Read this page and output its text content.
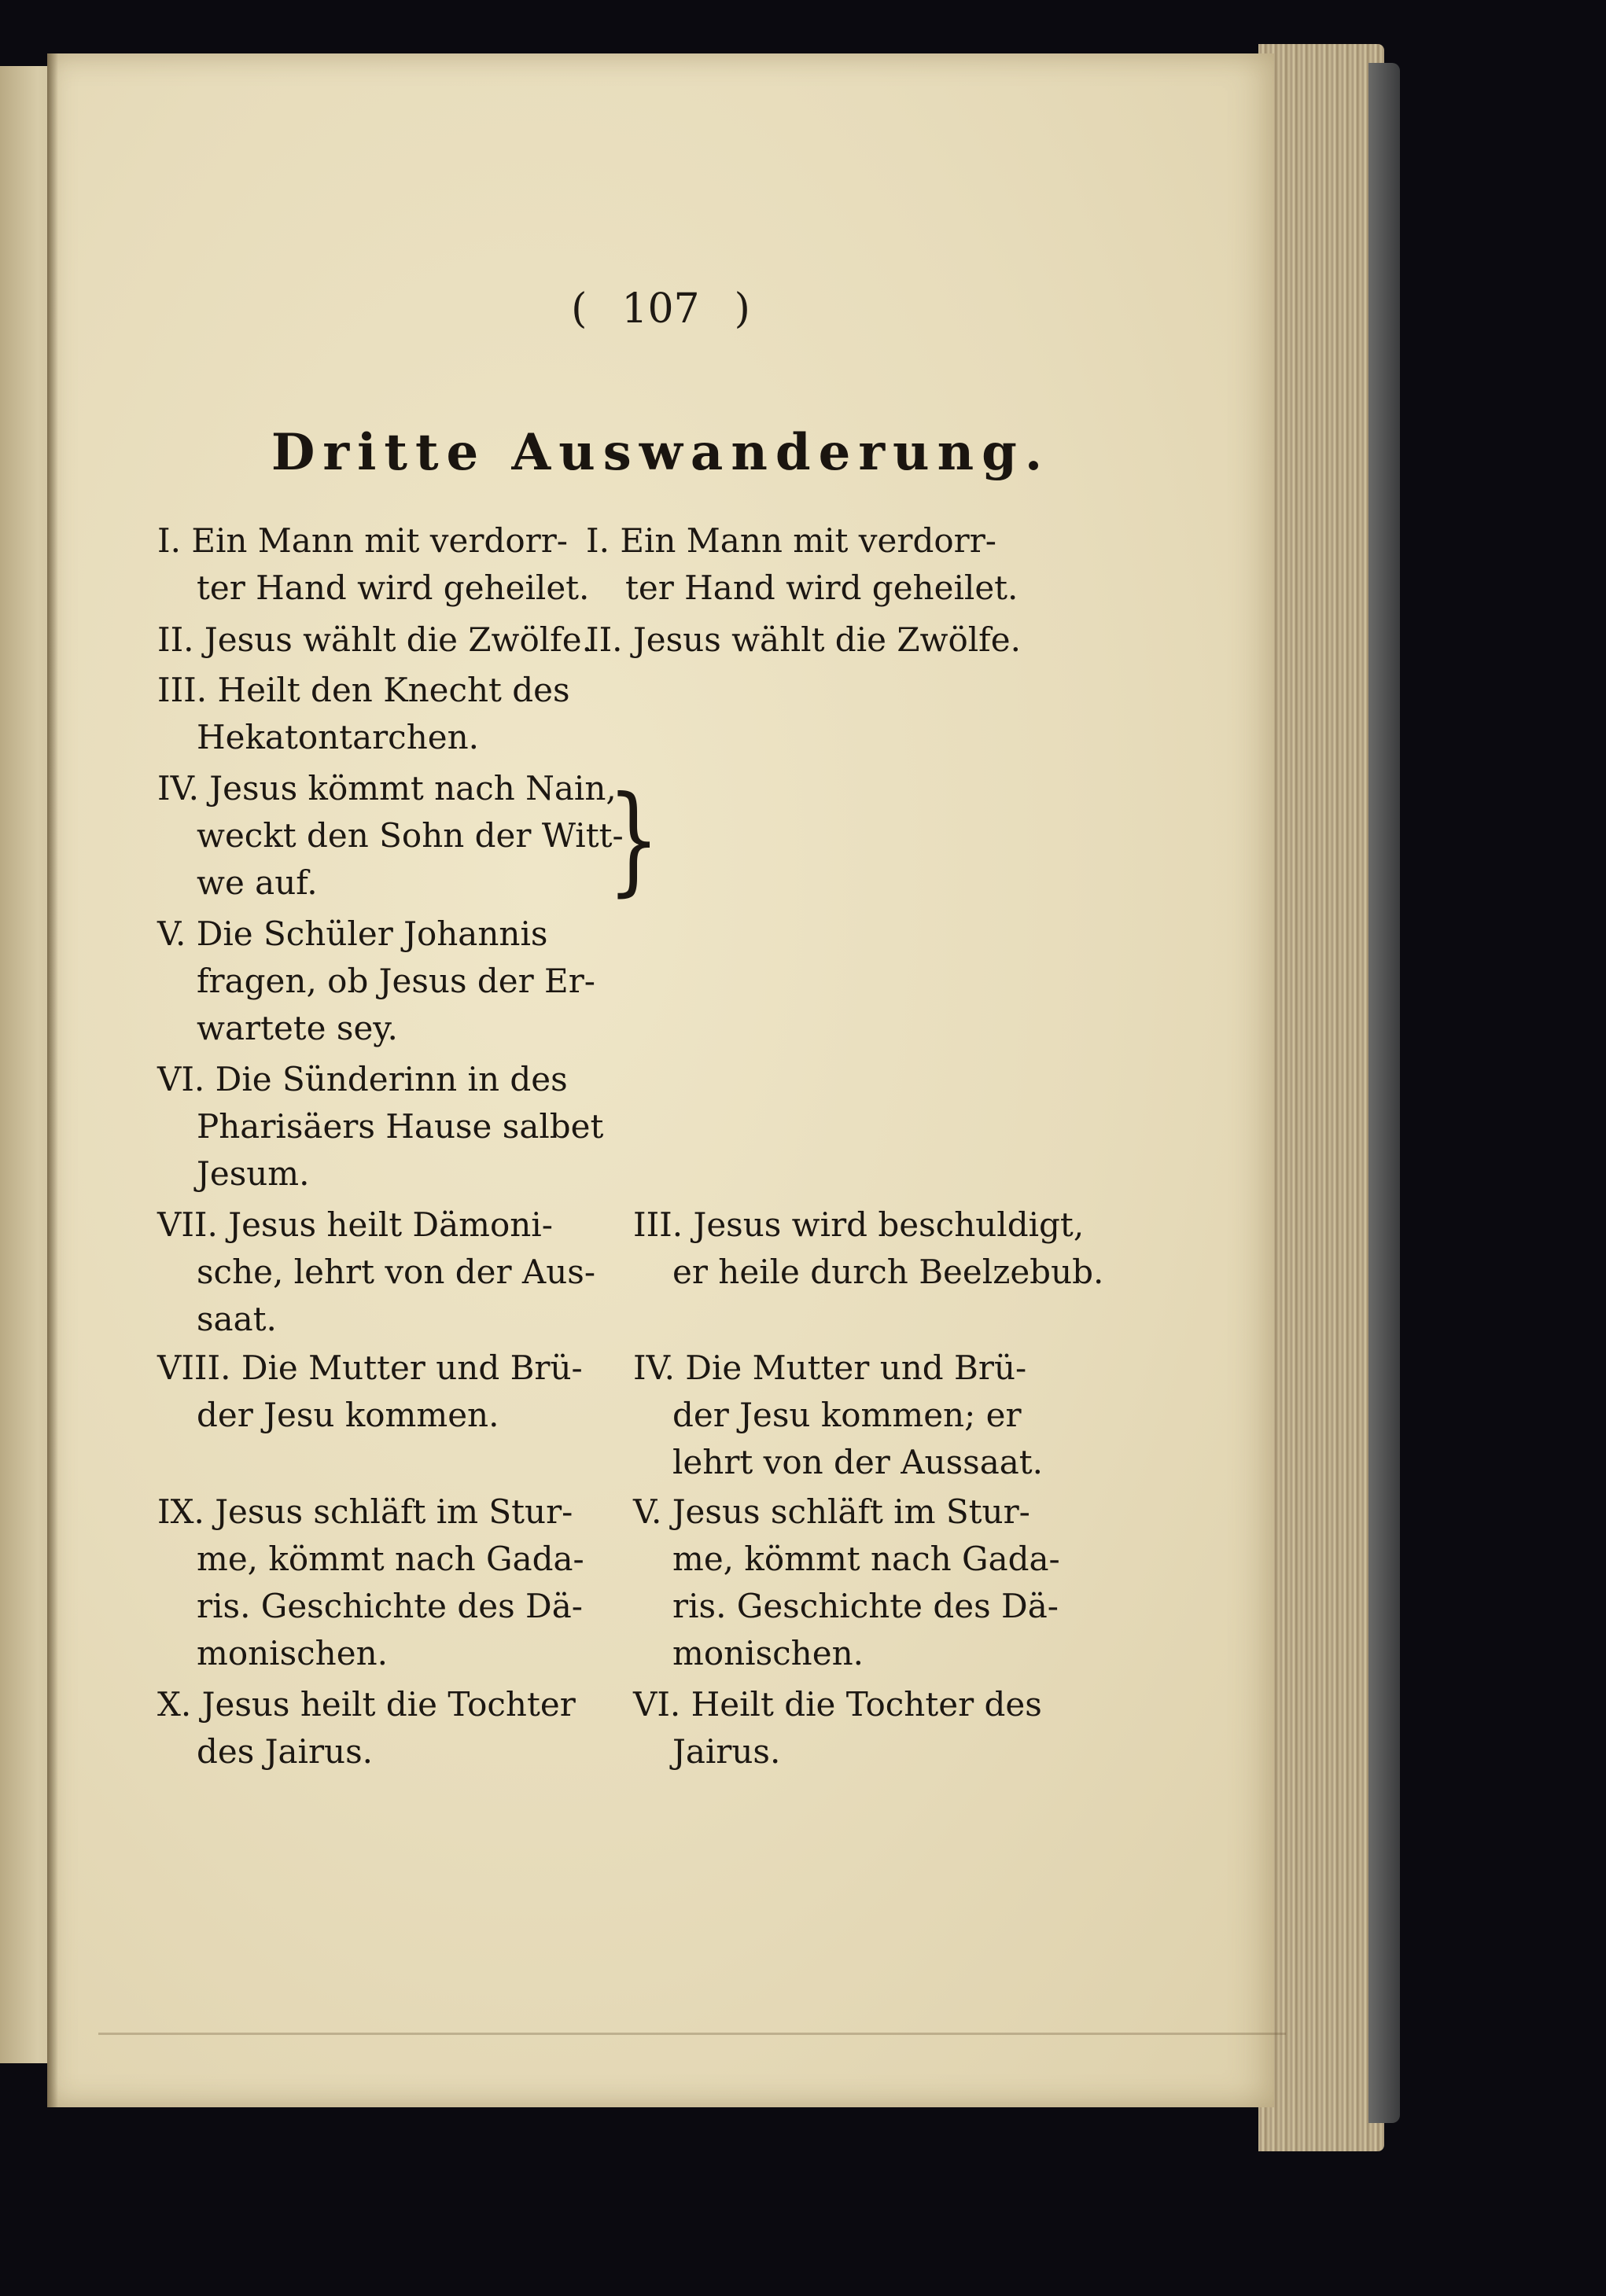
( 107 )
Dritte Auswanderung.
I. Ein Mann mit verdorr-
ter Hand wird geheilet.
II. Jesus wählt die Zwölfe.
III. Heilt den Knecht des
Hekatontarchen.
IV. Jesus kömmt nach Nain,
weckt den Sohn der Witt-
we auf.
V. Die Schüler Johannis
fragen, ob Jesus der Er-
wartete sey.
VI. Die Sünderinn in des
Pharisäers Hause salbet
Jesum.
VII. Jesus heilt Dämoni-
sche, lehrt von der Aus-
saat.
VIII. Die Mutter und Brü-
der Jesu kommen.
IX. Jesus schläft im Stur-
me, kömmt nach Gada-
ris. Geschichte des Dä-
monischen.
X. Jesus heilt die Tochter
des Jairus.
}
I. Ein Mann mit verdorr-
ter Hand wird geheilet.
II. Jesus wählt die Zwölfe.
III. Jesus wird beschuldigt,
er heile durch Beelzebub.
IV. Die Mutter und Brü-
der Jesu kommen; er
lehrt von der Aussaat.
V. Jesus schläft im Stur-
me, kömmt nach Gada-
ris. Geschichte des Dä-
monischen.
VI. Heilt die Tochter des
Jairus.
